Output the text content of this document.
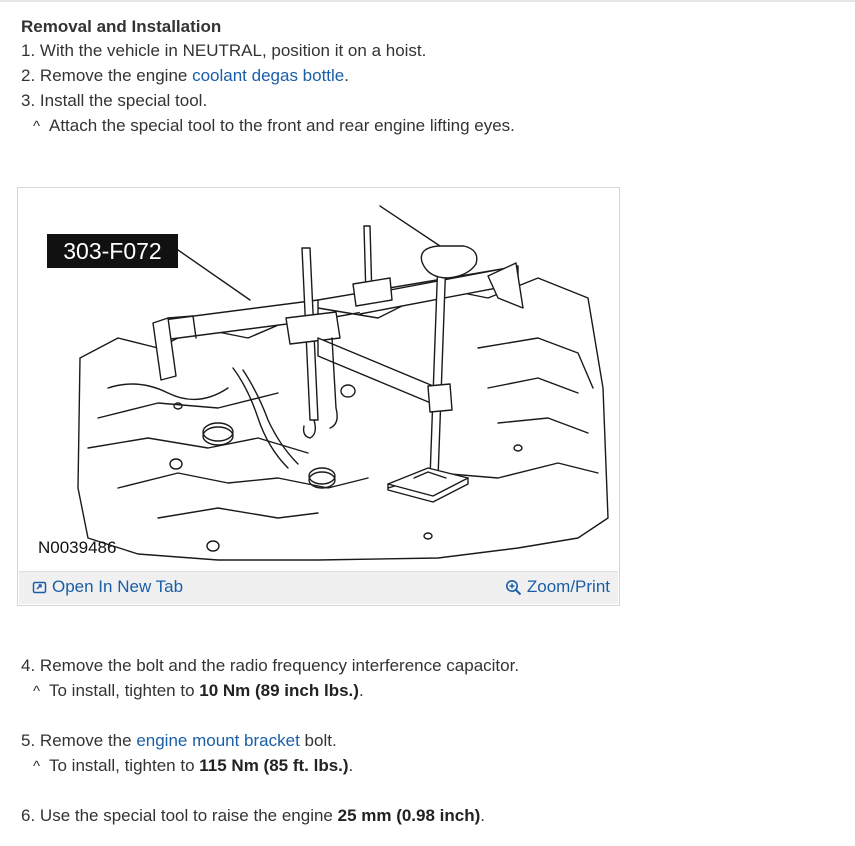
Removal and Installation
1. With the vehicle in NEUTRAL, position it on a hoist.
2. Remove the engine coolant degas bottle.
3. Install the special tool.
^ Attach the special tool to the front and rear engine lifting eyes.
303-F072
N0039486
Open In New Tab	Zoom/Print
4. Remove the bolt and the radio frequency interference capacitor.
^ To install, tighten to 10 Nm (89 inch lbs.).
5. Remove the engine mount bracket bolt.
^ To install, tighten to 115 Nm (85 ft. lbs.).
6. Use the special tool to raise the engine 25 mm (0.98 inch).
